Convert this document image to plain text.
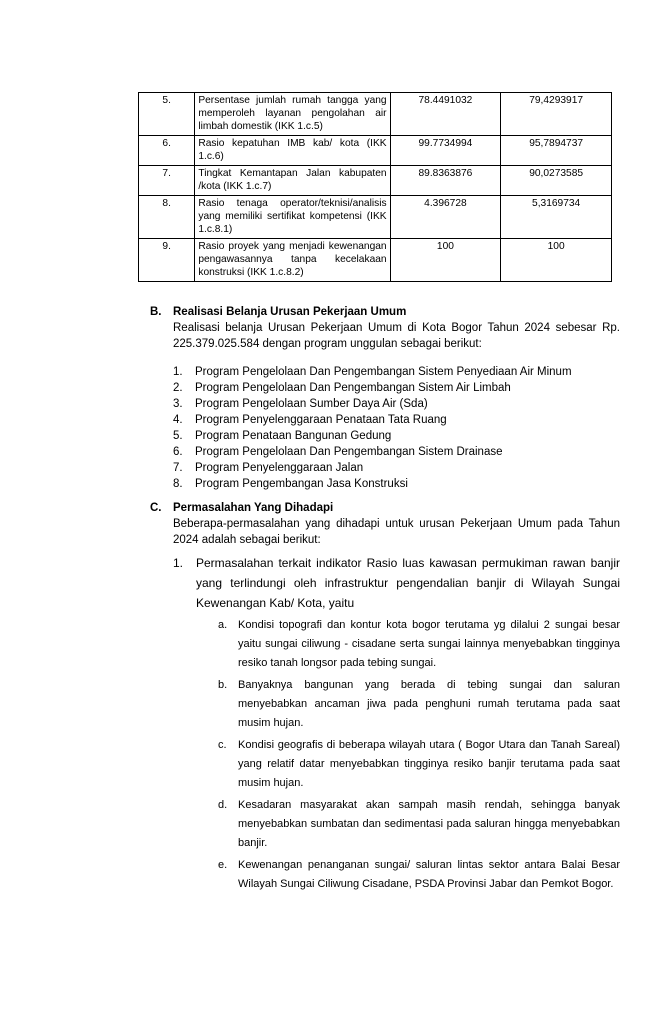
5.	Persentase jumlah rumah tangga yang memperoleh layanan pengolahan air limbah domestik (IKK 1.c.5)	78.4491032	79,4293917
6.	Rasio kepatuhan IMB kab/ kota (IKK 1.c.6)	99.7734994	95,7894737
7.	Tingkat Kemantapan Jalan kabupaten /kota (IKK 1.c.7)	89.8363876	90,0273585
8.	Rasio tenaga operator/teknisi/analisis yang memiliki sertifikat kompetensi (IKK 1.c.8.1)	4.396728	5,3169734
9.	Rasio proyek yang menjadi kewenangan pengawasannya tanpa kecelakaan konstruksi (IKK 1.c.8.2)	100	100
B.	Realisasi Belanja Urusan Pekerjaan Umum
Realisasi belanja Urusan Pekerjaan Umum di Kota Bogor Tahun 2024 sebesar Rp. 225.379.025.584 dengan program unggulan sebagai berikut:
1.	Program Pengelolaan Dan Pengembangan Sistem Penyediaan Air Minum
2.	Program Pengelolaan Dan Pengembangan Sistem Air Limbah
3.	Program Pengelolaan Sumber Daya Air (Sda)
4.	Program Penyelenggaraan Penataan Tata Ruang
5.	Program Penataan Bangunan Gedung
6.	Program Pengelolaan Dan Pengembangan Sistem Drainase
7.	Program Penyelenggaraan Jalan
8.	Program Pengembangan Jasa Konstruksi
C.	Permasalahan Yang Dihadapi
Beberapa-permasalahan yang dihadapi untuk urusan Pekerjaan Umum pada Tahun 2024 adalah sebagai berikut:
1.	Permasalahan terkait indikator Rasio luas kawasan permukiman rawan banjir yang terlindungi oleh infrastruktur pengendalian banjir di Wilayah Sungai Kewenangan Kab/ Kota, yaitu
a. Kondisi topografi dan kontur kota bogor terutama yg dilalui 2 sungai besar yaitu sungai ciliwung - cisadane serta sungai lainnya menyebabkan tingginya resiko tanah longsor pada tebing sungai.
b. Banyaknya bangunan yang berada di tebing sungai dan saluran menyebabkan ancaman jiwa pada penghuni rumah terutama pada saat musim hujan.
c.	Kondisi geografis di beberapa wilayah utara ( Bogor Utara dan Tanah Sareal) yang relatif datar menyebabkan tingginya resiko banjir terutama pada saat musim hujan.
d. Kesadaran masyarakat akan sampah masih rendah, sehingga banyak menyebabkan sumbatan dan sedimentasi pada saluran hingga menyebabkan banjir.
e. Kewenangan penanganan sungai/ saluran lintas sektor antara Balai Besar Wilayah Sungai Ciliwung Cisadane, PSDA Provinsi Jabar dan Pemkot Bogor.
